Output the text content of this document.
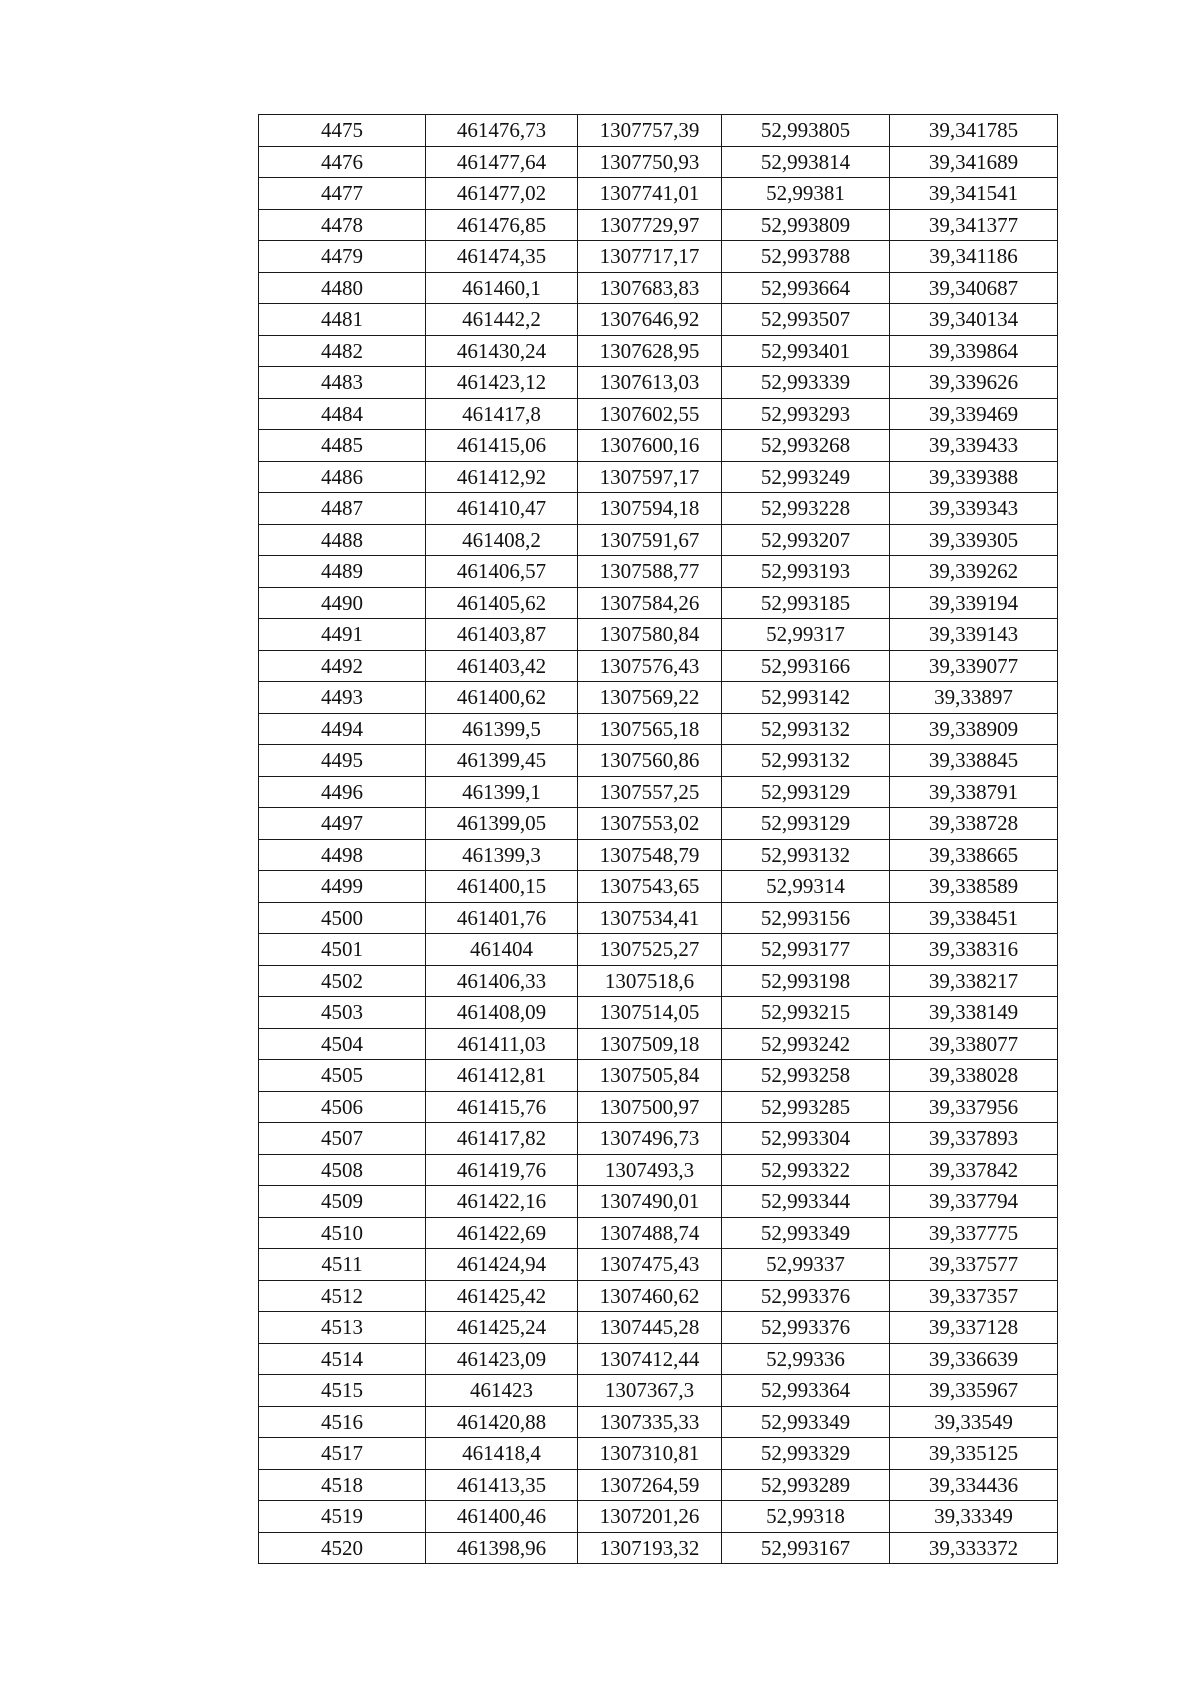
4475	461476,73	1307757,39	52,993805	39,341785
4476	461477,64	1307750,93	52,993814	39,341689
4477	461477,02	1307741,01	52,99381	39,341541
4478	461476,85	1307729,97	52,993809	39,341377
4479	461474,35	1307717,17	52,993788	39,341186
4480	461460,1	1307683,83	52,993664	39,340687
4481	461442,2	1307646,92	52,993507	39,340134
4482	461430,24	1307628,95	52,993401	39,339864
4483	461423,12	1307613,03	52,993339	39,339626
4484	461417,8	1307602,55	52,993293	39,339469
4485	461415,06	1307600,16	52,993268	39,339433
4486	461412,92	1307597,17	52,993249	39,339388
4487	461410,47	1307594,18	52,993228	39,339343
4488	461408,2	1307591,67	52,993207	39,339305
4489	461406,57	1307588,77	52,993193	39,339262
4490	461405,62	1307584,26	52,993185	39,339194
4491	461403,87	1307580,84	52,99317	39,339143
4492	461403,42	1307576,43	52,993166	39,339077
4493	461400,62	1307569,22	52,993142	39,33897
4494	461399,5	1307565,18	52,993132	39,338909
4495	461399,45	1307560,86	52,993132	39,338845
4496	461399,1	1307557,25	52,993129	39,338791
4497	461399,05	1307553,02	52,993129	39,338728
4498	461399,3	1307548,79	52,993132	39,338665
4499	461400,15	1307543,65	52,99314	39,338589
4500	461401,76	1307534,41	52,993156	39,338451
4501	461404	1307525,27	52,993177	39,338316
4502	461406,33	1307518,6	52,993198	39,338217
4503	461408,09	1307514,05	52,993215	39,338149
4504	461411,03	1307509,18	52,993242	39,338077
4505	461412,81	1307505,84	52,993258	39,338028
4506	461415,76	1307500,97	52,993285	39,337956
4507	461417,82	1307496,73	52,993304	39,337893
4508	461419,76	1307493,3	52,993322	39,337842
4509	461422,16	1307490,01	52,993344	39,337794
4510	461422,69	1307488,74	52,993349	39,337775
4511	461424,94	1307475,43	52,99337	39,337577
4512	461425,42	1307460,62	52,993376	39,337357
4513	461425,24	1307445,28	52,993376	39,337128
4514	461423,09	1307412,44	52,99336	39,336639
4515	461423	1307367,3	52,993364	39,335967
4516	461420,88	1307335,33	52,993349	39,33549
4517	461418,4	1307310,81	52,993329	39,335125
4518	461413,35	1307264,59	52,993289	39,334436
4519	461400,46	1307201,26	52,99318	39,33349
4520	461398,96	1307193,32	52,993167	39,333372
